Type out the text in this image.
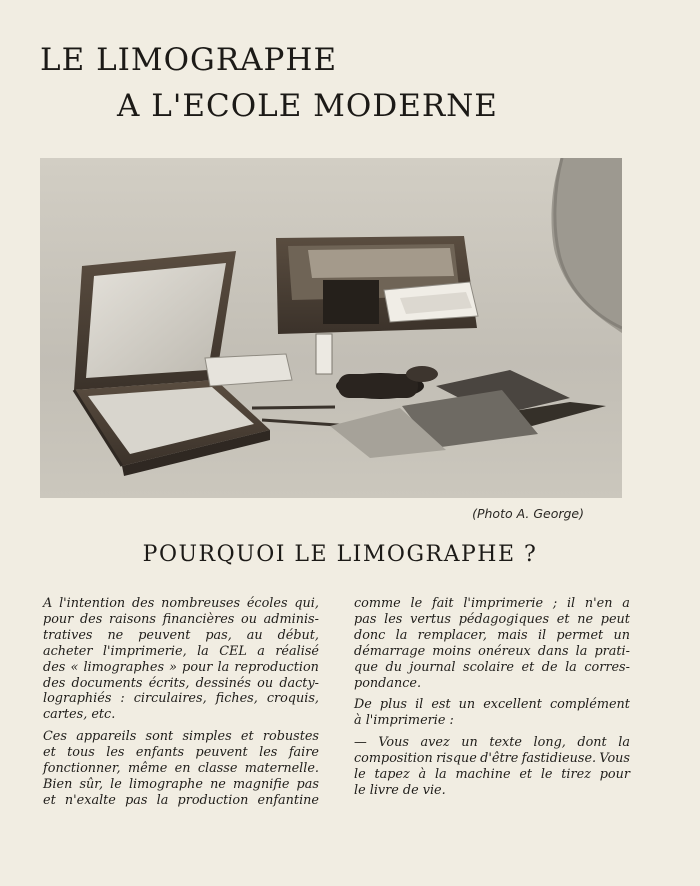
LE LIMOGRAPHE
A L'ECOLE MODERNE

(Photo A. George)

POURQUOI LE LIMOGRAPHE ?

A l'intention des nombreuses écoles qui,
pour des raisons financières ou adminis-
tratives ne peuvent pas, au début,
acheter l'imprimerie, la CEL a réalisé
des « limographes » pour la reproduction
des documents écrits, dessinés ou dacty-
lographiés : circulaires, fiches, croquis,
cartes, etc.

Ces appareils sont simples et robustes
et tous les enfants peuvent les faire
fonctionner, même en classe maternelle.
Bien sûr, le limographe ne magnifie pas
et n'exalte pas la production enfantine

comme le fait l'imprimerie ; il n'en a
pas les vertus pédagogiques et ne peut
donc la remplacer, mais il permet un
démarrage moins onéreux dans la prati-
que du journal scolaire et de la corres-
pondance.

De plus il est un excellent complément
à l'imprimerie :

— Vous avez un texte long, dont la
composition risque d'être fastidieuse. Vous
le tapez à la machine et le tirez pour
le livre de vie.
